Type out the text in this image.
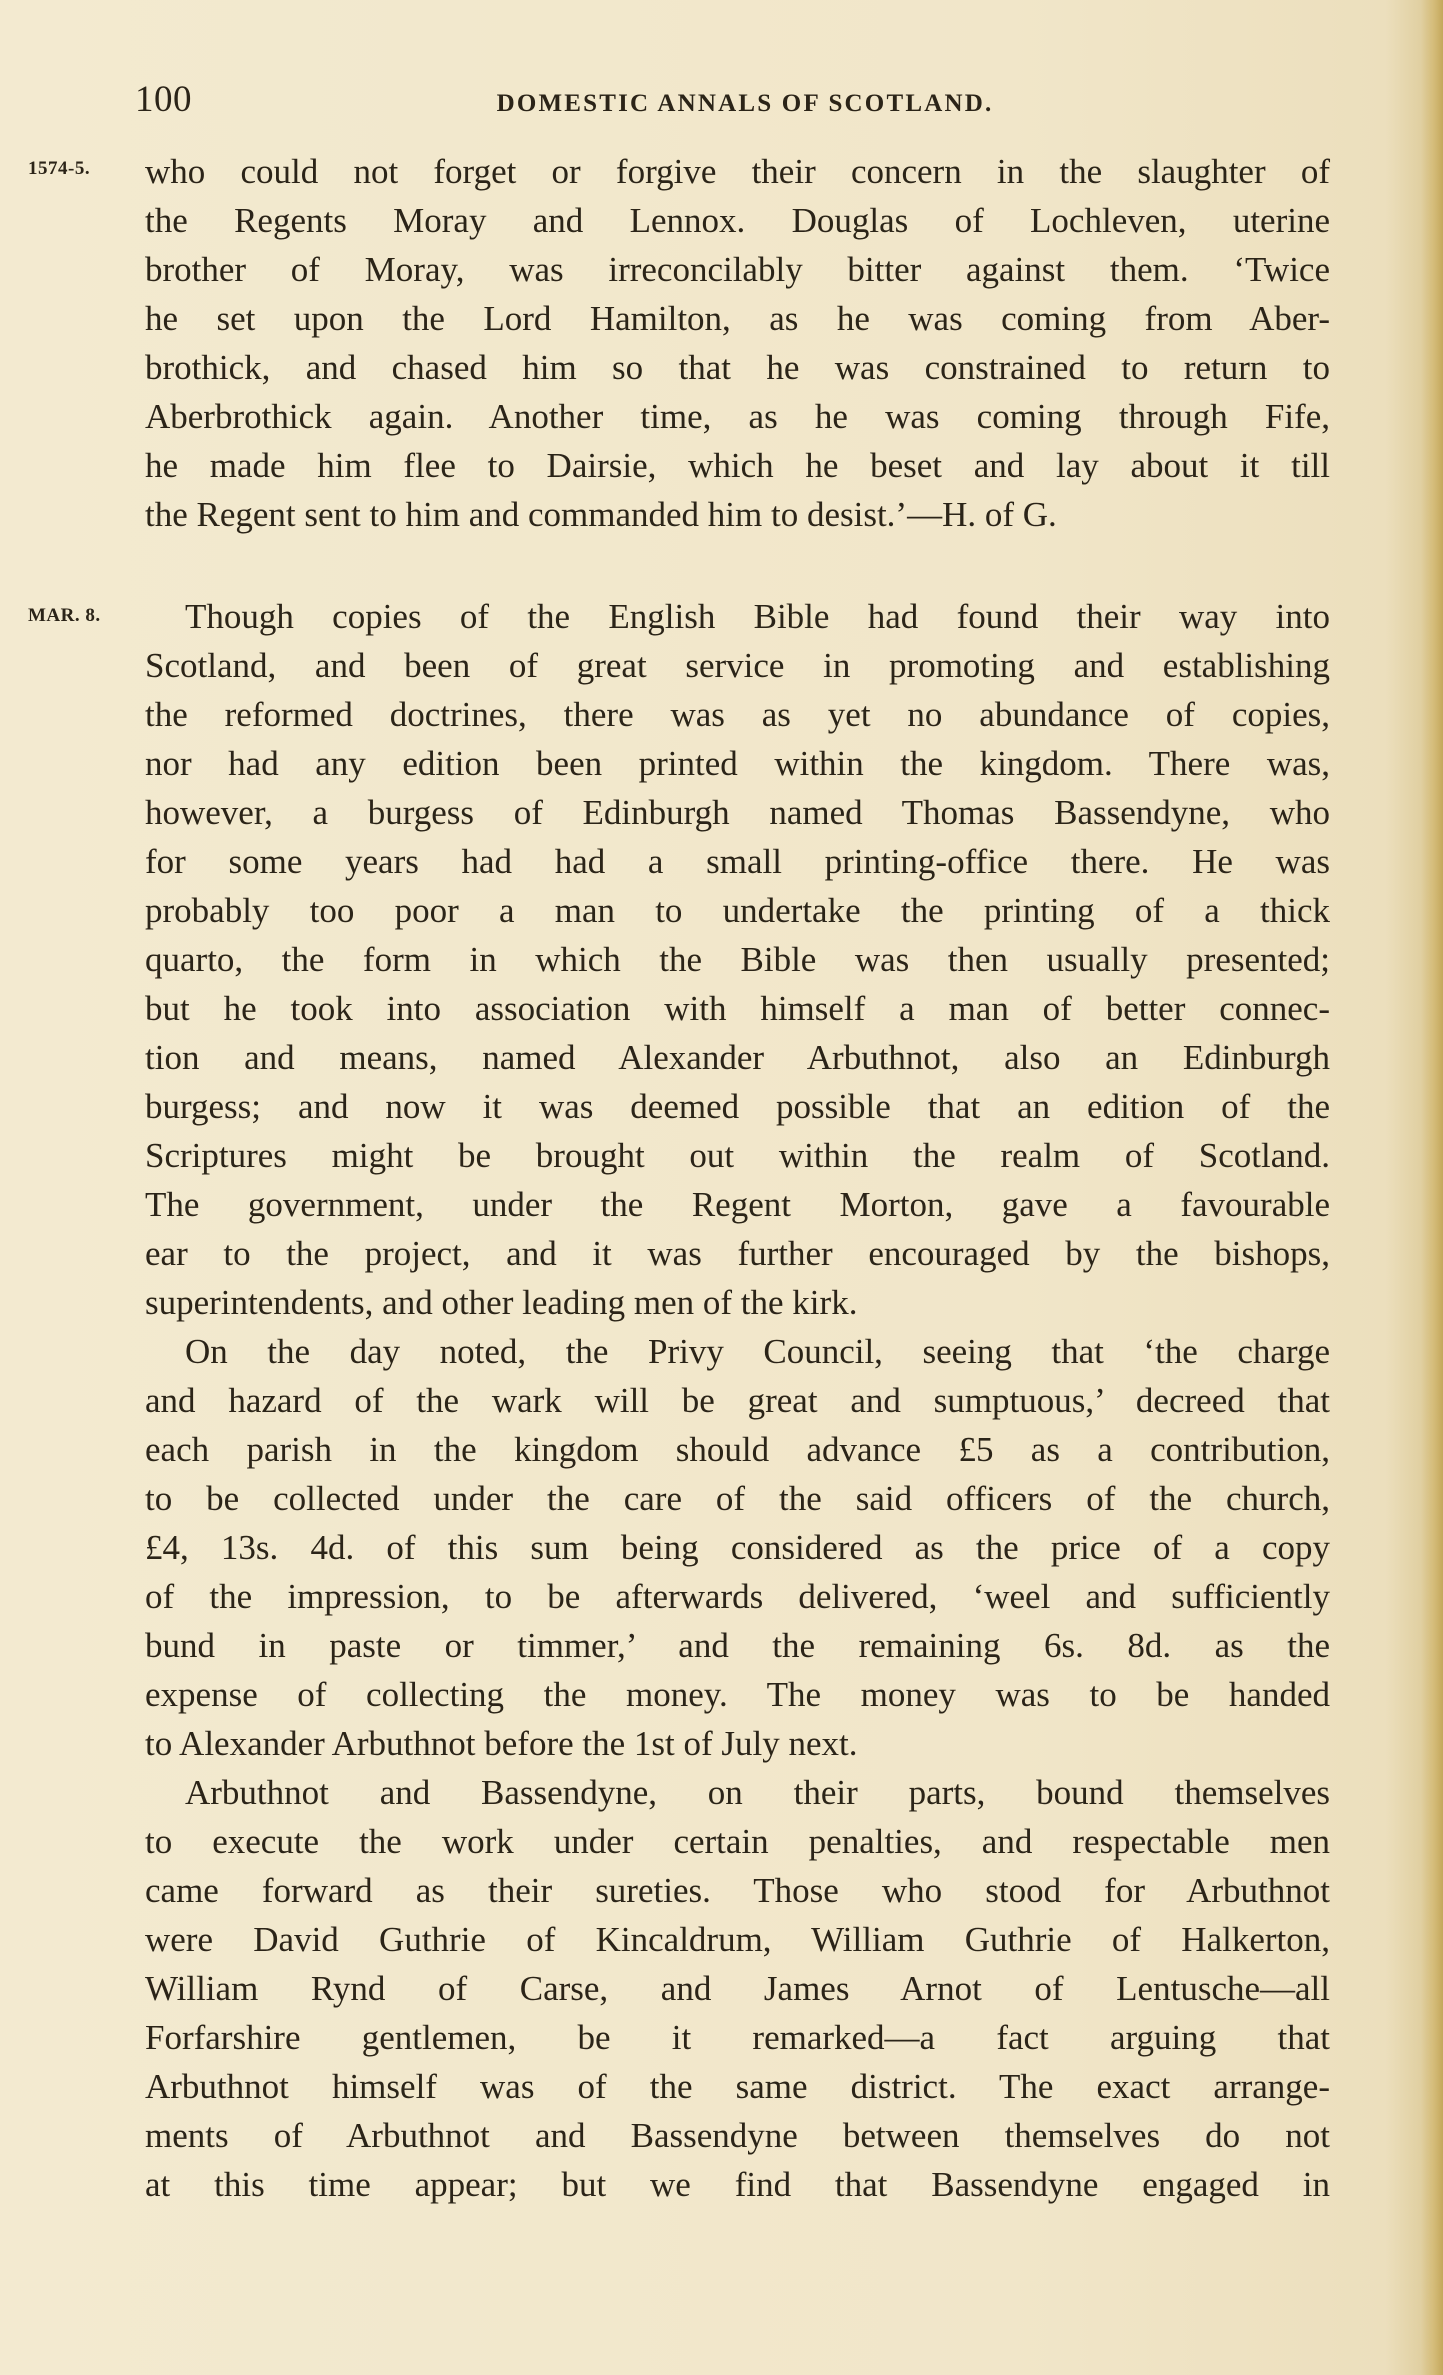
100	DOMESTIC ANNALS OF SCOTLAND.
1574-5.
MAR. 8.
who could not forget or forgive their concern in the slaughter of
the Regents Moray and Lennox. Douglas of Lochleven, uterine
brother of Moray, was irreconcilably bitter against them. ‘Twice
he set upon the Lord Hamilton, as he was coming from Aber-
brothick, and chased him so that he was constrained to return to
Aberbrothick again. Another time, as he was coming through Fife,
he made him flee to Dairsie, which he beset and lay about it till
the Regent sent to him and commanded him to desist.’—H. of G.
Though copies of the English Bible had found their way into
Scotland, and been of great service in promoting and establishing
the reformed doctrines, there was as yet no abundance of copies,
nor had any edition been printed within the kingdom. There was,
however, a burgess of Edinburgh named Thomas Bassendyne, who
for some years had had a small printing-office there. He was
probably too poor a man to undertake the printing of a thick
quarto, the form in which the Bible was then usually presented;
but he took into association with himself a man of better connec-
tion and means, named Alexander Arbuthnot, also an Edinburgh
burgess; and now it was deemed possible that an edition of the
Scriptures might be brought out within the realm of Scotland.
The government, under the Regent Morton, gave a favourable
ear to the project, and it was further encouraged by the bishops,
superintendents, and other leading men of the kirk.
On the day noted, the Privy Council, seeing that ‘the charge
and hazard of the wark will be great and sumptuous,’ decreed that
each parish in the kingdom should advance £5 as a contribution,
to be collected under the care of the said officers of the church,
£4, 13s. 4d. of this sum being considered as the price of a copy
of the impression, to be afterwards delivered, ‘weel and sufficiently
bund in paste or timmer,’ and the remaining 6s. 8d. as the
expense of collecting the money. The money was to be handed
to Alexander Arbuthnot before the 1st of July next.
Arbuthnot and Bassendyne, on their parts, bound themselves
to execute the work under certain penalties, and respectable men
came forward as their sureties. Those who stood for Arbuthnot
were David Guthrie of Kincaldrum, William Guthrie of Halkerton,
William Rynd of Carse, and James Arnot of Lentusche—all
Forfarshire gentlemen, be it remarked—a fact arguing that
Arbuthnot himself was of the same district. The exact arrange-
ments of Arbuthnot and Bassendyne between themselves do not
at this time appear; but we find that Bassendyne engaged in
